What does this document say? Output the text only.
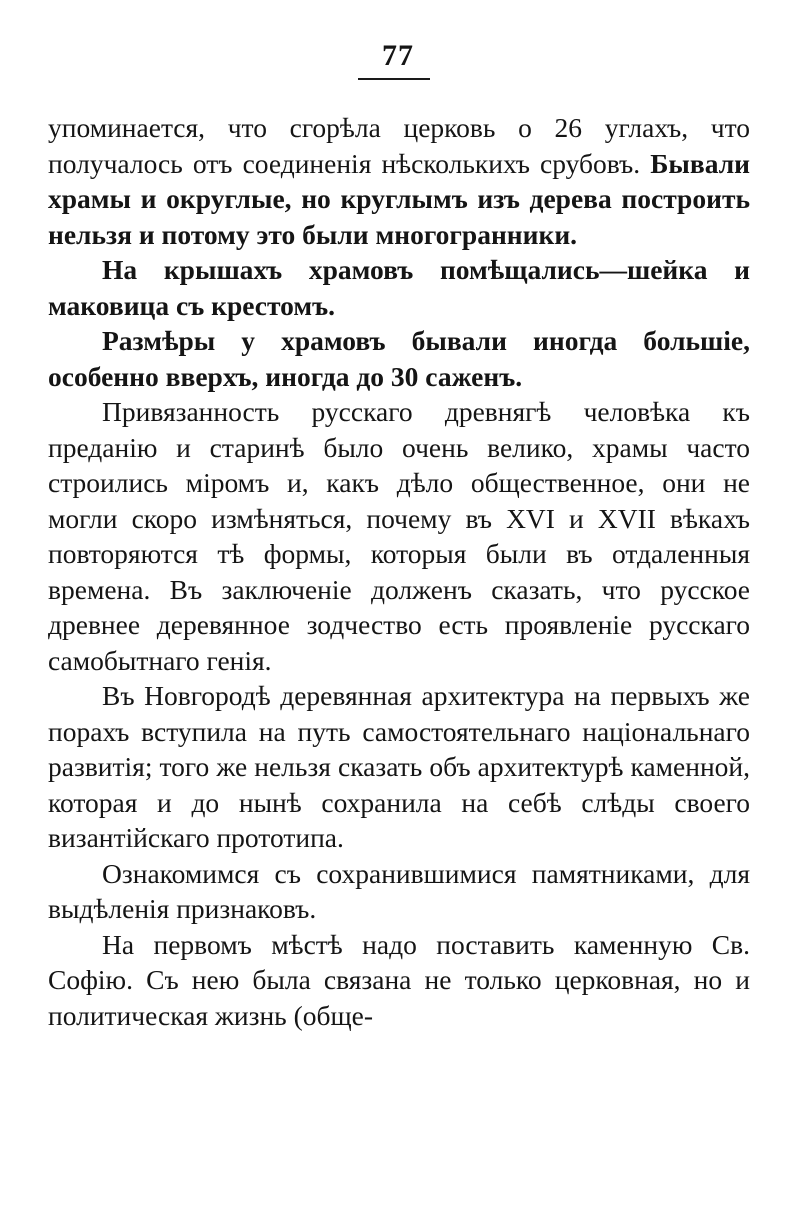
77

упоминается, что сгорѣла церковь о 26 углахъ, что получалось отъ соединенія нѣсколькихъ срубовъ. Бывали храмы и округлые, но круглымъ изъ дерева построить нельзя и потому это были многогранники.

На крышахъ храмовъ помѣщались—шейка и маковица съ крестомъ.

Размѣры у храмовъ бывали иногда большіе, особенно вверхъ, иногда до 30 саженъ.

Привязанность русскаго древнягѣ человѣка къ преданію и старинѣ было очень велико, храмы часто строились міромъ и, какъ дѣло общественное, они не могли скоро измѣняться, почему въ XVI и XVII вѣкахъ повторяются тѣ формы, которыя были въ отдаленныя времена. Въ заключеніе долженъ сказать, что русское древнее деревянное зодчество есть проявленіе русскаго самобытнаго генія.

Въ Новгородѣ деревянная архитектура на первыхъ же порахъ вступила на путь самостоятельнаго національнаго развитія; того же нельзя сказать объ архитектурѣ каменной, которая и до нынѣ сохранила на себѣ слѣды своего византійскаго прототипа.

Ознакомимся съ сохранившимися памятниками, для выдѣленія признаковъ.

На первомъ мѣстѣ надо поставить каменную Св. Софію. Съ нею была связана не только церковная, но и политическая жизнь (обще-
